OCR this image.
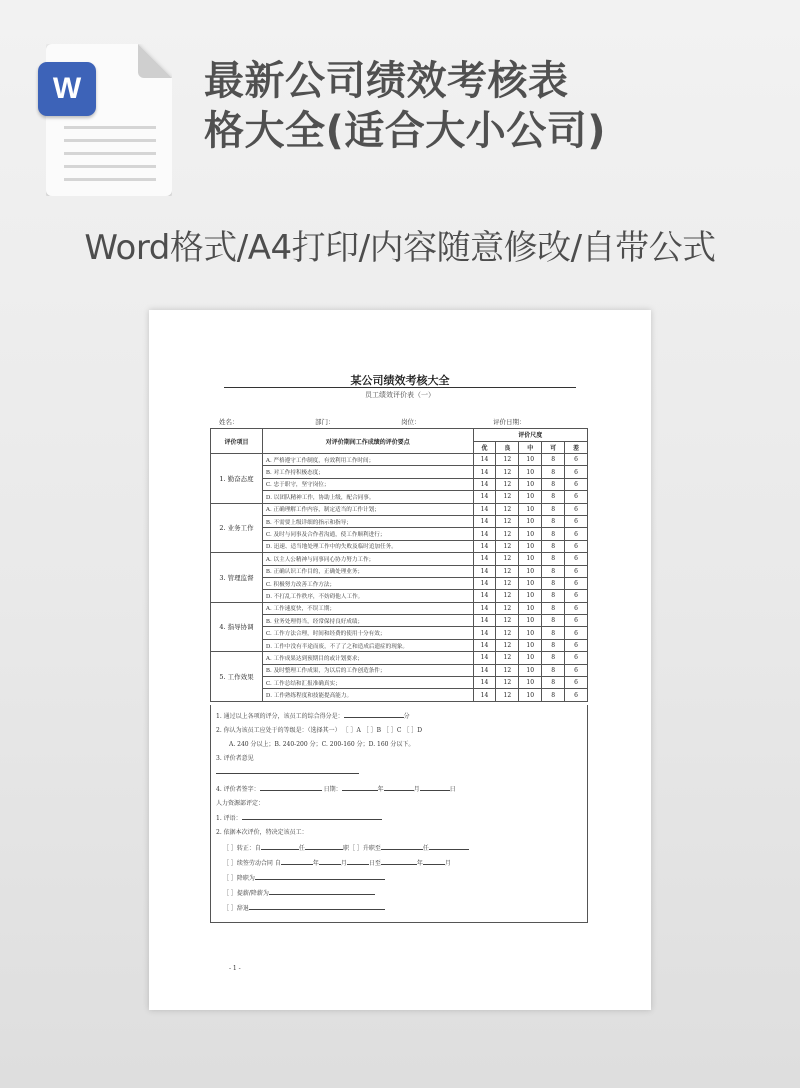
W	最新公司绩效考核表
格大全(适合大小公司)
Word格式/A4打印/内容随意修改/自带公式
某公司绩效考核大全
员工绩效评价表（一）
姓名：	部门：	岗位：	评价日期：
评价项目	对评价期间工作成绩的评价要点	评价尺度				
		优	良	中	可	差
1. 勤奋态度	A. 严格遵守工作制度，有效利用工作时间；	14	12	10	8	6
	B. 对工作持积极态度；	14	12	10	8	6
	C. 忠于职守，坚守岗位；	14	12	10	8	6
	D. 以团队精神工作，协助上级，配合同事。	14	12	10	8	6
2. 业务工作	A. 正确理解工作内容，制定适当的工作计划；	14	12	10	8	6
	B. 不需要上级详细的指示和指导；	14	12	10	8	6
	C. 及时与同事及合作者沟通，使工作顺利进行；	14	12	10	8	6
	D. 迅速、适当地处理工作中的失败及临时追加任务。	14	12	10	8	6
3. 管理监督	A. 以主人公精神与同事同心协力努力工作；	14	12	10	8	6
	B. 正确认识工作目的，正确处理业务；	14	12	10	8	6
	C. 积极努力改善工作方法；	14	12	10	8	6
	D. 不打乱工作秩序，不妨碍他人工作。	14	12	10	8	6
4. 指导协调	A. 工作速度快，不误工期；	14	12	10	8	6
	B. 业务处理得当，经常保持良好成绩；	14	12	10	8	6
	C. 工作方法合理，时间和经费的使用十分有效；	14	12	10	8	6
	D. 工作中没有半途而废，不了了之和造成后遗症的现象。	14	12	10	8	6
5. 工作效果	A. 工作成果达到预期目的或计划要求；	14	12	10	8	6
	B. 及时整理工作成果，为以后的工作创造条件；	14	12	10	8	6
	C. 工作总结和汇报准确真实；	14	12	10	8	6
	D. 工作熟练程度和技能提高能力。	14	12	10	8	6
1. 通过以上各项的评分，该员工的综合得分是：	分
2. 你认为该员工应处于的等级是：（选择其一） ［ ］A ［ ］B ［ ］C ［ ］D
A. 240 分以上；B. 240-200 分；C. 200-160 分；D. 160 分以下。
3. 评价者意见
4. 评价者签字：	日期：	年	月	日
人力资源部评定：
1. 评语：
2. 依据本次评价，特决定该员工：
［ ］转正：自	任	职［ ］升职至	任
［ ］续签劳动合同 自	年	月	日至	年	月
［ ］降职为
［ ］提薪/降薪为
［ ］辞退
- 1 -
